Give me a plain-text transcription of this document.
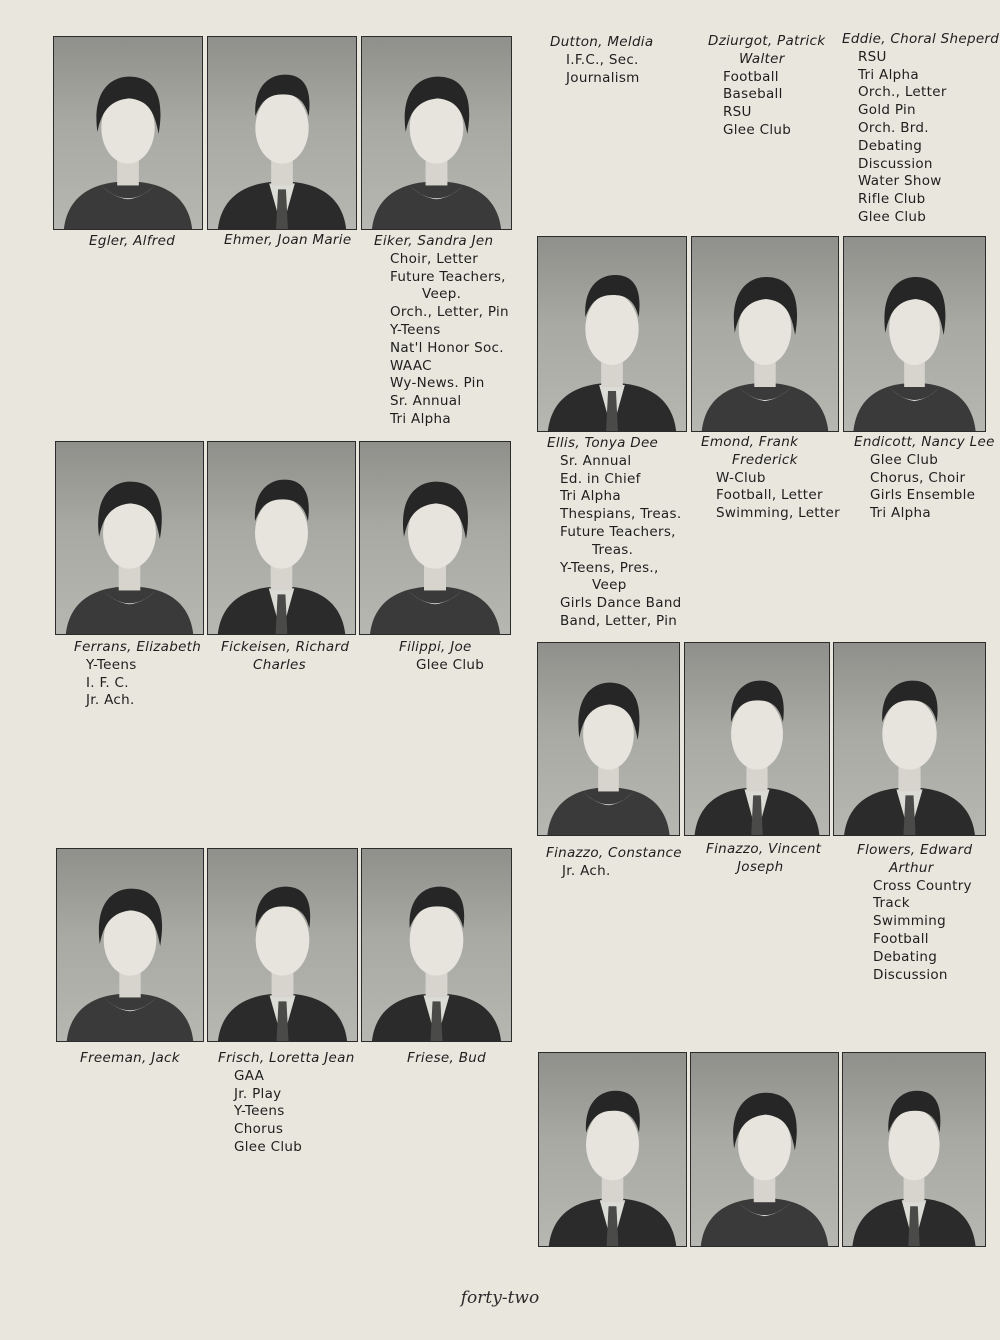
Dutton, Meldia
I.F.C., Sec.
Journalism
Dziurgot, Patrick
Walter
Football
Baseball
RSU
Glee Club
Eddie, Choral Sheperd
RSU
Tri Alpha
Orch., Letter
Gold Pin
Orch. Brd.
Debating
Discussion
Water Show
Rifle Club
Glee Club
Egler, Alfred	Ehmer, Joan Marie Eiker, Sandra Jen
Choir, Letter
Future Teachers,
Veep.
Orch., Letter, Pin
Y-Teens
Nat'l Honor Soc.
WAAC
Wy-News. Pin
Sr. Annual
Tri Alpha
Ellis, Tonya Dee
Sr. Annual
Ed. in Chief
Tri Alpha
Thespians, Treas.
Future Teachers,
Treas.
Y-Teens, Pres.,
Veep
Girls Dance Band
Band, Letter, Pin
Emond, Frank
Frederick
W-Club
Football, Letter
Swimming, Letter
Endicott, Nancy Lee
Glee Club
Chorus, Choir
Girls Ensemble
Tri Alpha
Ferrans, Elizabeth
Y-Teens
I. F. C.
Jr. Ach.
Fickeisen, Richard
Charles
Filippi, Joe
Glee Club
Finazzo, Constance
Jr. Ach.
Finazzo, Vincent
Joseph
Flowers, Edward
Arthur
Cross Country
Track
Swimming
Football
Debating
Discussion
Freeman, Jack	Frisch, Loretta Jean
GAA
Jr. Play
Y-Teens
Chorus
Glee Club
Friese, Bud
forty-two
